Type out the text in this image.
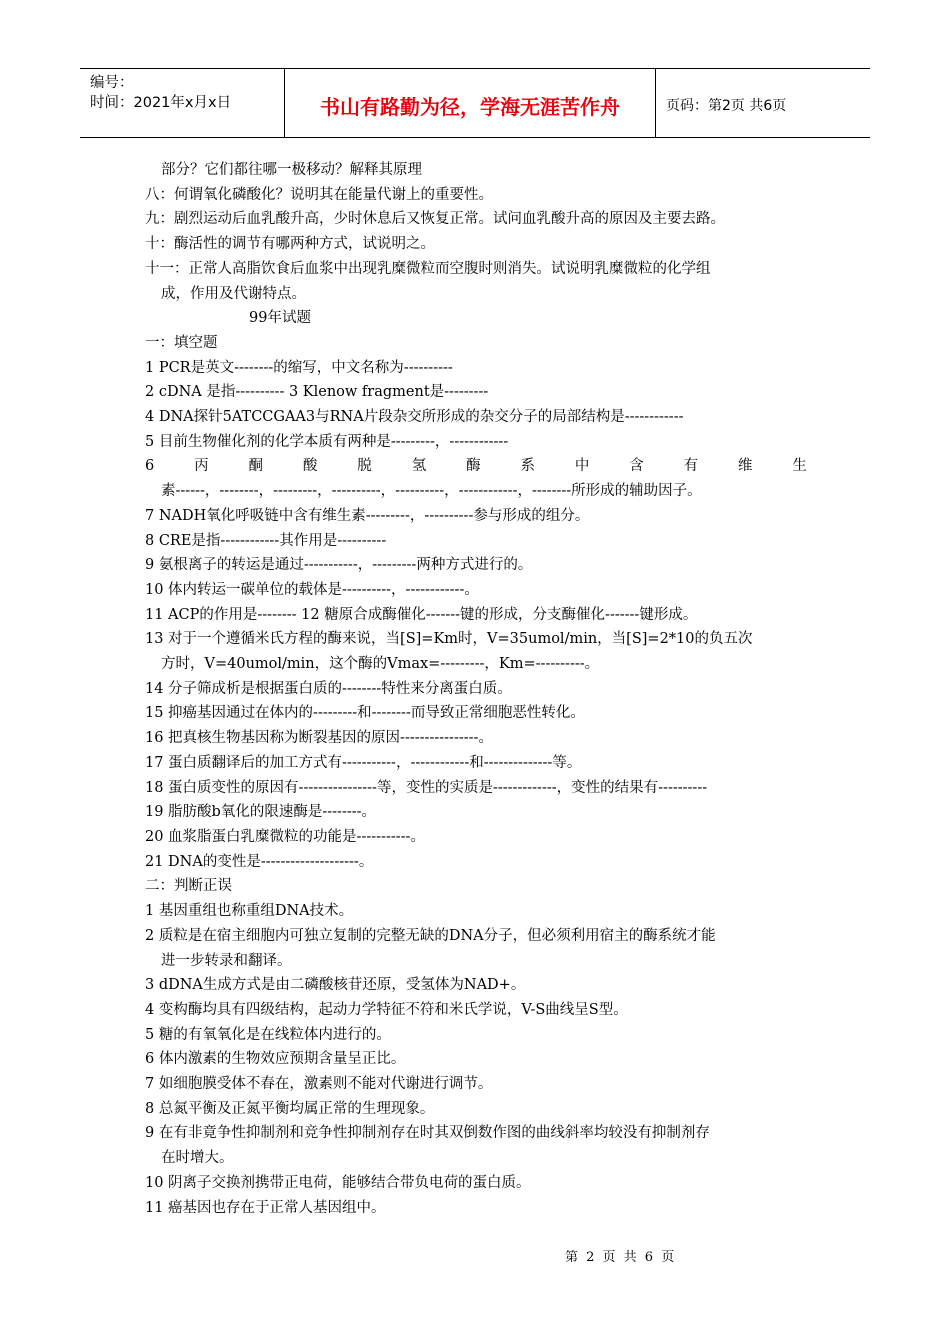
编号：
时间：2021年x月x日	书山有路勤为径，学海无涯苦作舟	页码：第2页 共6页
部分？它们都往哪一极移动？解释其原理
八：何谓氧化磷酸化？说明其在能量代谢上的重要性。
九：剧烈运动后血乳酸升高，少时休息后又恢复正常。试问血乳酸升高的原因及主要去路。
十：酶活性的调节有哪两种方式，试说明之。
十一：正常人高脂饮食后血浆中出现乳糜微粒而空腹时则消失。试说明乳糜微粒的化学组
成，作用及代谢特点。
99年试题
一：填空题
1 PCR是英文--------的缩写，中文名称为----------
2 cDNA 是指---------- 3 Klenow fragment是---------
4 DNA探针5ATCCGAA3与RNA片段杂交所形成的杂交分子的局部结构是------------
5 目前生物催化剂的化学本质有两种是---------，------------
6	丙	酮	酸	脱	氢	酶	系	中	含	有	维	生
素------，--------，---------，----------，----------，------------，--------所形成的辅助因子。
7 NADH氧化呼吸链中含有维生素---------，----------参与形成的组分。
8 CRE是指------------其作用是----------
9 氨根离子的转运是通过-----------，---------两种方式进行的。
10 体内转运一碳单位的载体是----------，------------。
11 ACP的作用是-------- 12 糖原合成酶催化-------键的形成，分支酶催化-------键形成。
13 对于一个遵循米氏方程的酶来说，当[S]=Km时，V=35umol/min，当[S]=2*10的负五次
方时，V=40umol/min，这个酶的Vmax=---------，Km=----------。
14 分子筛成析是根据蛋白质的--------特性来分离蛋白质。
15 抑癌基因通过在体内的---------和--------而导致正常细胞恶性转化。
16 把真核生物基因称为断裂基因的原因----------------。
17 蛋白质翻译后的加工方式有-----------，------------和--------------等。
18 蛋白质变性的原因有----------------等，变性的实质是-------------，变性的结果有----------
19 脂肪酸b氧化的限速酶是--------。
20 血浆脂蛋白乳糜微粒的功能是-----------。
21 DNA的变性是--------------------。
二：判断正误
1 基因重组也称重组DNA技术。
2 质粒是在宿主细胞内可独立复制的完整无缺的DNA分子，但必须利用宿主的酶系统才能
进一步转录和翻译。
3 dDNA生成方式是由二磷酸核苷还原，受氢体为NAD+。
4 变构酶均具有四级结构，起动力学特征不符和米氏学说，V-S曲线呈S型。
5 糖的有氧氧化是在线粒体内进行的。
6 体内激素的生物效应预期含量呈正比。
7 如细胞膜受体不春在，激素则不能对代谢进行调节。
8 总氮平衡及正氮平衡均属正常的生理现象。
9 在有非竟争性抑制剂和竞争性抑制剂存在时其双倒数作图的曲线斜率均较没有抑制剂存
在时增大。
10 阴离子交换剂携带正电荷，能够结合带负电荷的蛋白质。
11 癌基因也存在于正常人基因组中。
第 2 页 共 6 页
